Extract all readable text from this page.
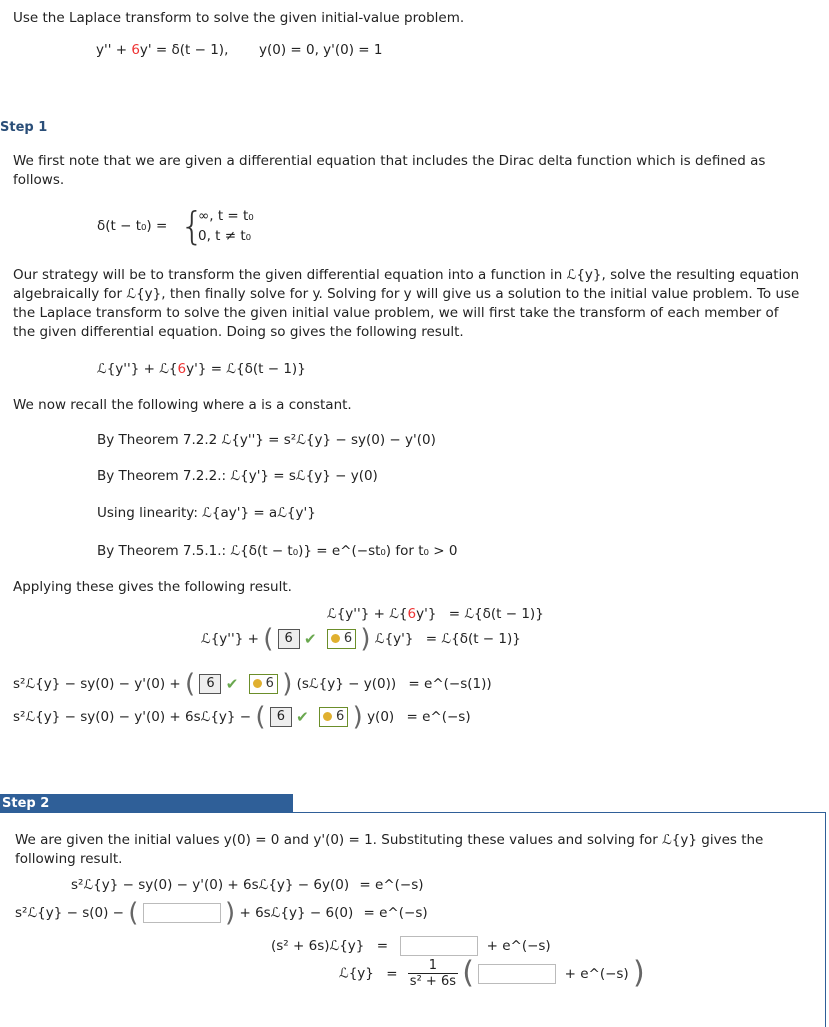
Use the Laplace transform to solve the given initial-value problem.
y'' + 6y' = δ(t − 1), y(0) = 0, y'(0) = 1
Step 1
We first note that we are given a differential equation that includes the Dirac delta function which is defined as follows.
δ(t − t₀) = {
∞, t = t₀
0, t ≠ t₀
Our strategy will be to transform the given differential equation into a function in ℒ{y}, solve the resulting equation algebraically for ℒ{y}, then finally solve for y. Solving for y will give us a solution to the initial value problem. To use the Laplace transform to solve the given initial value problem, we will first take the transform of each member of the given differential equation. Doing so gives the following result.
ℒ{y''} + ℒ{6y'} = ℒ{δ(t − 1)}
We now recall the following where a is a constant.
By Theorem 7.2.2 ℒ{y''} = s²ℒ{y} − sy(0) − y'(0)
By Theorem 7.2.2.: ℒ{y'} = sℒ{y} − y(0)
Using linearity: ℒ{ay'} = aℒ{y'}
By Theorem 7.5.1.: ℒ{δ(t − t₀)} = e^(−st₀) for t₀ > 0
Applying these gives the following result.
ℒ{y''} + ℒ{6y'} = ℒ{δ(t − 1)}
ℒ{y''} + ( 6 ✔ 6 ) ℒ{y'} = ℒ{δ(t − 1)}
s²ℒ{y} − sy(0) − y'(0) + ( 6 ✔ 6 ) (sℒ{y} − y(0)) = e^(−s(1))
s²ℒ{y} − sy(0) − y'(0) + 6sℒ{y} − ( 6 ✔ 6 ) y(0) = e^(−s)
Step 2
We are given the initial values y(0) = 0 and y'(0) = 1. Substituting these values and solving for ℒ{y} gives the following result.
s²ℒ{y} − sy(0) − y'(0) + 6sℒ{y} − 6y(0) = e^(−s)
s²ℒ{y} − s(0) − (	) + 6sℒ{y} − 6(0) = e^(−s)
(s² + 6s)ℒ{y} =	+ e^(−s)
ℒ{y} = $\frac{1}{\text{s² + 6s}}$ (	+ e^(−s) )
